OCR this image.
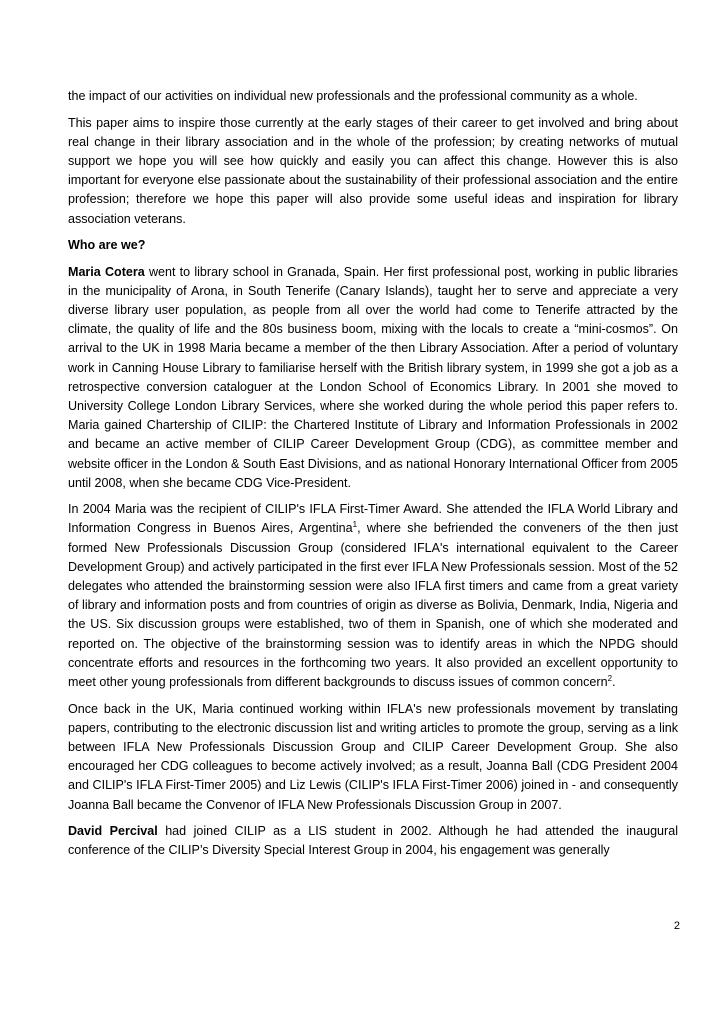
the impact of our activities on individual new professionals and the professional community as a whole.

This paper aims to inspire those currently at the early stages of their career to get involved and bring about real change in their library association and in the whole of the profession; by creating networks of mutual support we hope you will see how quickly and easily you can affect this change. However this is also important for everyone else passionate about the sustainability of their professional association and the entire profession; therefore we hope this paper will also provide some useful ideas and inspiration for library association veterans.

Who are we?

Maria Cotera went to library school in Granada, Spain. Her first professional post, working in public libraries in the municipality of Arona, in South Tenerife (Canary Islands), taught her to serve and appreciate a very diverse library user population, as people from all over the world had come to Tenerife attracted by the climate, the quality of life and the 80s business boom, mixing with the locals to create a “mini-cosmos”. On arrival to the UK in 1998 Maria became a member of the then Library Association. After a period of voluntary work in Canning House Library to familiarise herself with the British library system, in 1999 she got a job as a retrospective conversion cataloguer at the London School of Economics Library. In 2001 she moved to University College London Library Services, where she worked during the whole period this paper refers to. Maria gained Chartership of CILIP: the Chartered Institute of Library and Information Professionals in 2002 and became an active member of CILIP Career Development Group (CDG), as committee member and website officer in the London & South East Divisions, and as national Honorary International Officer from 2005 until 2008, when she became CDG Vice-President.

In 2004 Maria was the recipient of CILIP's IFLA First-Timer Award. She attended the IFLA World Library and Information Congress in Buenos Aires, Argentina$^1$, where she befriended the conveners of the then just formed New Professionals Discussion Group (considered IFLA's international equivalent to the Career Development Group) and actively participated in the first ever IFLA New Professionals session. Most of the 52 delegates who attended the brainstorming session were also IFLA first timers and came from a great variety of library and information posts and from countries of origin as diverse as Bolivia, Denmark, India, Nigeria and the US. Six discussion groups were established, two of them in Spanish, one of which she moderated and reported on. The objective of the brainstorming session was to identify areas in which the NPDG should concentrate efforts and resources in the forthcoming two years. It also provided an excellent opportunity to meet other young professionals from different backgrounds to discuss issues of common concern$^2$.

Once back in the UK, Maria continued working within IFLA's new professionals movement by translating papers, contributing to the electronic discussion list and writing articles to promote the group, serving as a link between IFLA New Professionals Discussion Group and CILIP Career Development Group. She also encouraged her CDG colleagues to become actively involved; as a result, Joanna Ball (CDG President 2004 and CILIP's IFLA First-Timer 2005) and Liz Lewis (CILIP's IFLA First-Timer 2006) joined in - and consequently Joanna Ball became the Convenor of IFLA New Professionals Discussion Group in 2007.

David Percival had joined CILIP as a LIS student in 2002. Although he had attended the inaugural conference of the CILIP’s Diversity Special Interest Group in 2004, his engagement was generally

2
